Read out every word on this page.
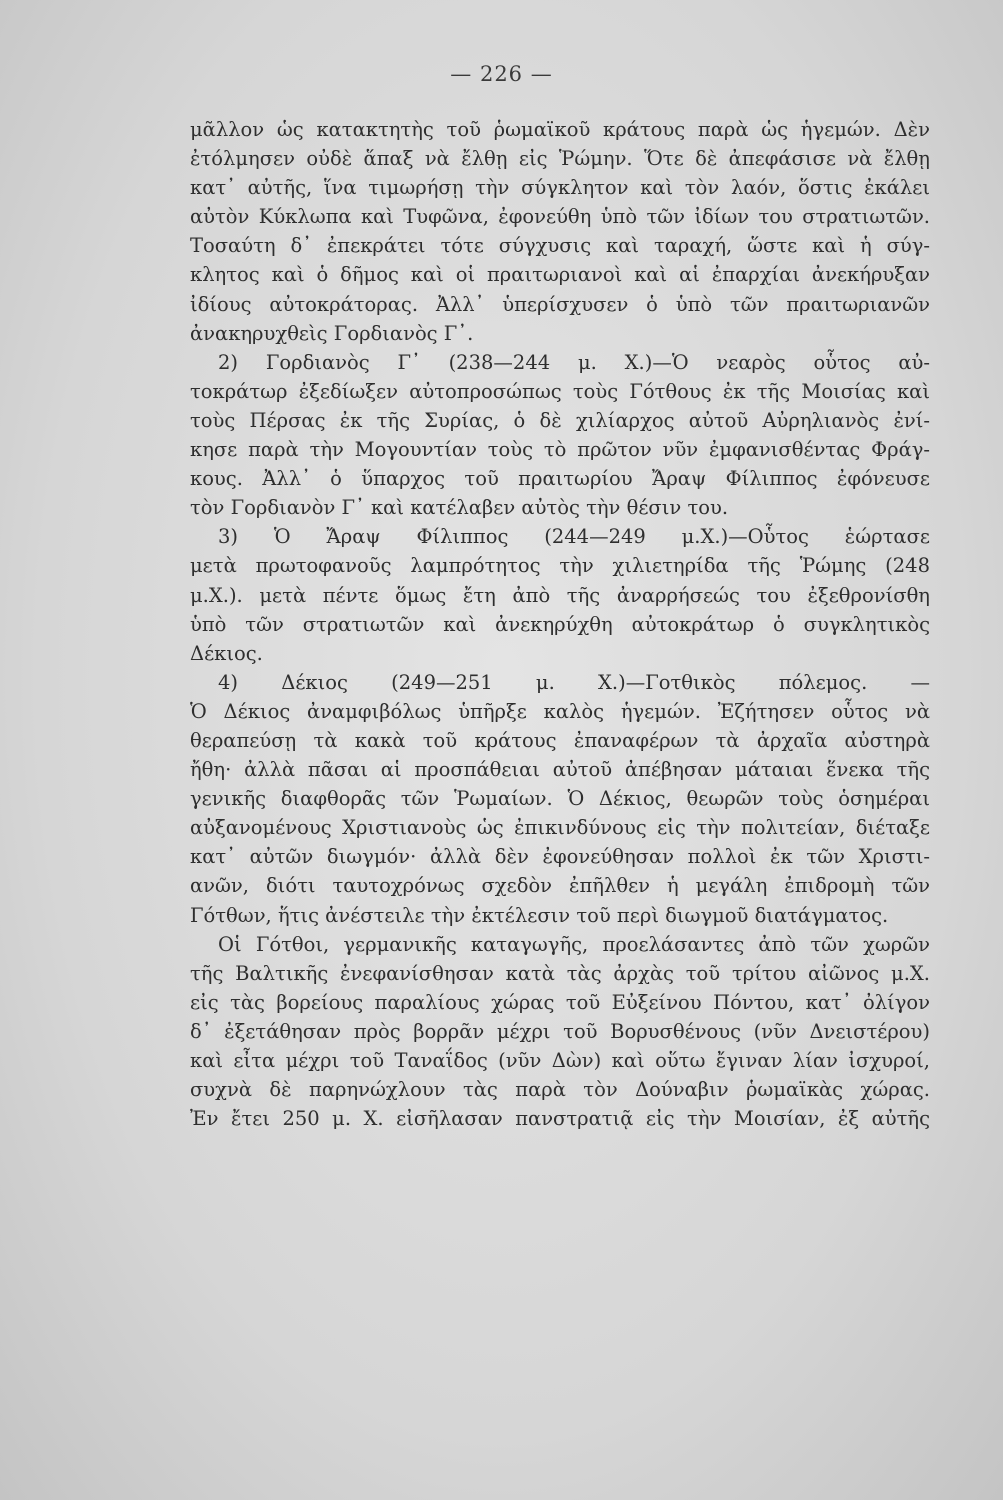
— 226 —
μᾶλλον ὡς κατακτητὴς τοῦ ῥωμαϊκοῦ κράτους παρὰ ὡς ἡγεμών. Δὲν
ἐτόλμησεν οὐδὲ ἅπαξ νὰ ἔλθῃ εἰς Ῥώμην. Ὅτε δὲ ἀπεφάσισε νὰ ἔλθῃ
κατ᾽ αὐτῆς, ἵνα τιμωρήσῃ τὴν σύγκλητον καὶ τὸν λαόν, ὅστις ἐκάλει
αὐτὸν Κύκλωπα καὶ Τυφῶνα, ἐφονεύθη ὑπὸ τῶν ἰδίων του στρατιωτῶν.
Τοσαύτη δ᾽ ἐπεκράτει τότε σύγχυσις καὶ ταραχή, ὥστε καὶ ἡ σύγ-
κλητος καὶ ὁ δῆμος καὶ οἱ πραιτωριανοὶ καὶ αἱ ἐπαρχίαι ἀνεκήρυξαν
ἰδίους αὐτοκράτορας. Ἀλλ᾽ ὑπερίσχυσεν ὁ ὑπὸ τῶν πραιτωριανῶν
ἀνακηρυχθεὶς Γορδιανὸς Γ᾽.
2) Γορδιανὸς Γ᾽ (238—244 μ. Χ.)—Ὁ νεαρὸς οὗτος αὐ-
τοκράτωρ ἐξεδίωξεν αὐτοπροσώπως τοὺς Γότθους ἐκ τῆς Μοισίας καὶ
τοὺς Πέρσας ἐκ τῆς Συρίας, ὁ δὲ χιλίαρχος αὐτοῦ Αὐρηλιανὸς ἐνί-
κησε παρὰ τὴν Μογουντίαν τοὺς τὸ πρῶτον νῦν ἐμφανισθέντας Φράγ-
κους. Ἀλλ᾽ ὁ ὕπαρχος τοῦ πραιτωρίου Ἄραψ Φίλιππος ἐφόνευσε
τὸν Γορδιανὸν Γ᾽ καὶ κατέλαβεν αὐτὸς τὴν θέσιν του.
3) Ὁ Ἄραψ Φίλιππος (244—249 μ.Χ.)—Οὗτος ἑώρτασε
μετὰ πρωτοφανοῦς λαμπρότητος τὴν χιλιετηρίδα τῆς Ῥώμης (248
μ.Χ.). μετὰ πέντε ὅμως ἔτη ἀπὸ τῆς ἀναρρήσεώς του ἐξεθρονίσθη
ὑπὸ τῶν στρατιωτῶν καὶ ἀνεκηρύχθη αὐτοκράτωρ ὁ συγκλητικὸς
Δέκιος.
4) Δέκιος (249—251 μ. Χ.)—Γοτθικὸς πόλεμος. —
Ὁ Δέκιος ἀναμφιβόλως ὑπῆρξε καλὸς ἡγεμών. Ἐζήτησεν οὗτος νὰ
θεραπεύσῃ τὰ κακὰ τοῦ κράτους ἐπαναφέρων τὰ ἀρχαῖα αὐστηρὰ
ἤθη· ἀλλὰ πᾶσαι αἱ προσπάθειαι αὐτοῦ ἀπέβησαν μάταιαι ἕνεκα τῆς
γενικῆς διαφθορᾶς τῶν Ῥωμαίων. Ὁ Δέκιος, θεωρῶν τοὺς ὁσημέραι
αὐξανομένους Χριστιανοὺς ὡς ἐπικινδύνους εἰς τὴν πολιτείαν, διέταξε
κατ᾽ αὐτῶν διωγμόν· ἀλλὰ δὲν ἐφονεύθησαν πολλοὶ ἐκ τῶν Χριστι-
ανῶν, διότι ταυτοχρόνως σχεδὸν ἐπῆλθεν ἡ μεγάλη ἐπιδρομὴ τῶν
Γότθων, ἥτις ἀνέστειλε τὴν ἐκτέλεσιν τοῦ περὶ διωγμοῦ διατάγματος.
Οἱ Γότθοι, γερμανικῆς καταγωγῆς, προελάσαντες ἀπὸ τῶν χωρῶν
τῆς Βαλτικῆς ἐνεφανίσθησαν κατὰ τὰς ἀρχὰς τοῦ τρίτου αἰῶνος μ.Χ.
εἰς τὰς βορείους παραλίους χώρας τοῦ Εὐξείνου Πόντου, κατ᾽ ὀλίγον
δ᾽ ἐξετάθησαν πρὸς βορρᾶν μέχρι τοῦ Βορυσθένους (νῦν Δνειστέρου)
καὶ εἶτα μέχρι τοῦ Ταναΐδος (νῦν Δὼν) καὶ οὕτω ἔγιναν λίαν ἰσχυροί,
συχνὰ δὲ παρηνώχλουν τὰς παρὰ τὸν Δούναβιν ῥωμαϊκὰς χώρας.
Ἐν ἔτει 250 μ. Χ. εἰσῆλασαν πανστρατιᾷ εἰς τὴν Μοισίαν, ἐξ αὐτῆς
